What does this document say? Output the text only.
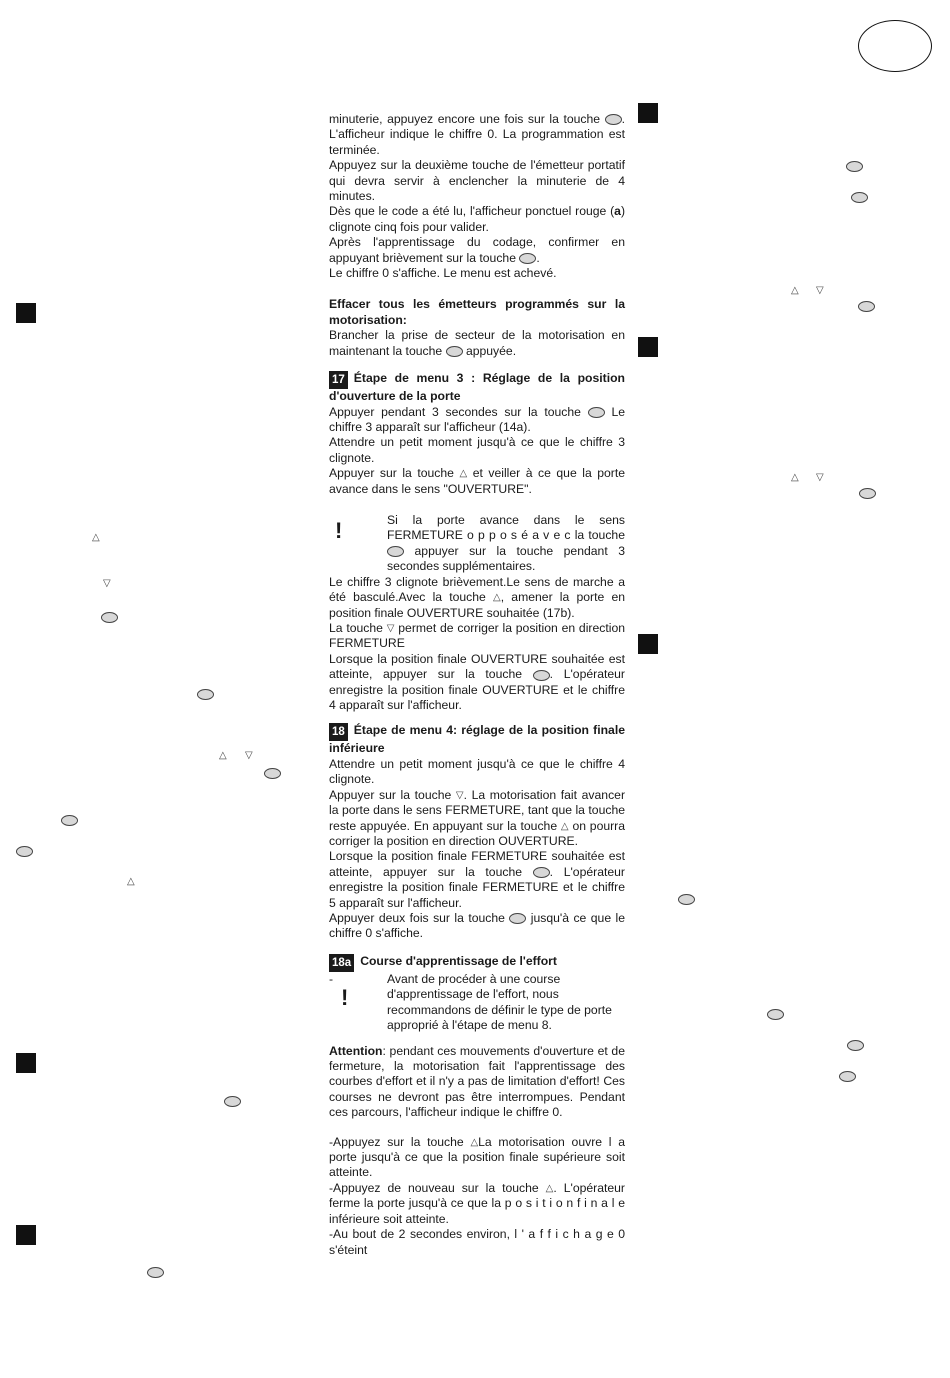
△
▽
△ ▽
△
△ ▽
△ ▽

minuterie, appuyez encore une fois sur la touche . L'afficheur indique le chiffre 0. La programmation est terminée.

Appuyez sur la deuxième touche de l'émetteur portatif qui devra servir à enclencher la minuterie de 4 minutes.

Dès que le code a été lu, l'afficheur ponctuel rouge (a) clignote cinq fois pour valider.

Après l'apprentissage du codage, confirmer en appuyant brièvement sur la touche .

Le chiffre 0 s'affiche. Le menu est achevé.

Effacer tous les émetteurs programmés sur la motorisation:

Brancher la prise de secteur de la motorisation en maintenant la touche appuyée.

17 Étape de menu 3 : Réglage de la position d'ouverture de la porte

Appuyer pendant 3 secondes sur la touche	Le chiffre 3 apparaît sur l'afficheur (14a).

Attendre un petit moment jusqu'à ce que le chiffre 3 clignote.

Appuyer sur la touche △ et veiller à ce que la porte avance dans le sens "OUVERTURE".

!	Si la porte avance dans le sens FERMETURE o p p o s é a v e c la touche  appuyer sur la touche pendant 3 secondes supplémentaires.

Le chiffre 3 clignote brièvement.Le sens de marche a été basculé.Avec la touche △, amener la porte en position finale OUVERTURE souhaitée (17b).

La touche ▽ permet de corriger la position en direction FERMETURE

Lorsque la position finale OUVERTURE souhaitée est atteinte, appuyer sur la touche . L'opérateur enregistre la position finale OUVERTURE et le chiffre 4 apparaît sur l'afficheur.

18 Étape de menu 4: réglage de la position finale inférieure

Attendre un petit moment jusqu'à ce que le chiffre 4 clignote.

Appuyer sur la touche ▽. La motorisation fait avancer la porte dans le sens FERMETURE, tant que la touche reste appuyée. En appuyant sur la touche △ on pourra corriger la position en direction OUVERTURE.

Lorsque la position finale FERMETURE souhaitée est atteinte, appuyer sur la touche . L'opérateur enregistre la position finale FERMETURE et le chiffre 5 apparaît sur l'afficheur.

Appuyer deux fois sur la touche jusqu'à ce que le chiffre 0 s'affiche.

18a Course d'apprentissage de l'effort

-
!

Avant de procéder à une course d'apprentissage de l'effort, nous recommandons de définir le type de porte approprié à l'étape de menu 8.

Attention: pendant ces mouvements d'ouverture et de fermeture, la motorisation fait l'apprentissage des courbes d'effort et il n'y a pas de limitation d'effort! Ces courses ne devront pas être interrompues. Pendant ces parcours, l'afficheur indique le chiffre 0.

-Appuyez sur la touche △La motorisation ouvre l a porte jusqu'à ce que la position finale supérieure soit atteinte.

-Appuyez de nouveau sur la touche △. L'opérateur ferme la porte jusqu'à ce que la p o s i t i o n f i n a l e inférieure soit atteinte.

-Au bout de 2 secondes environ, l ' a f f i c h a g e 0 s'éteint
